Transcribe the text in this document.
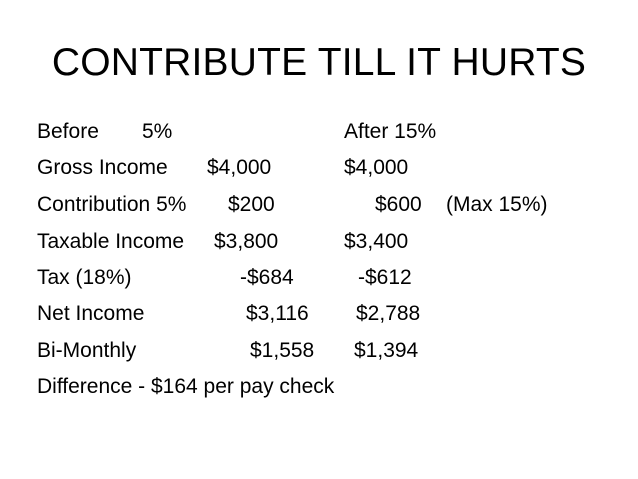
CONTRIBUTE TILL IT HURTS
Before 5%	After 15%
Gross Income $4,000	$4,000
Contribution 5% $200	$600 (Max 15%)
Taxable Income $3,800	$3,400
Tax (18%)	-$684	-$612
Net Income	$3,116 $2,788
Bi-Monthly	$1,558 $1,394
Difference - $164 per pay check
